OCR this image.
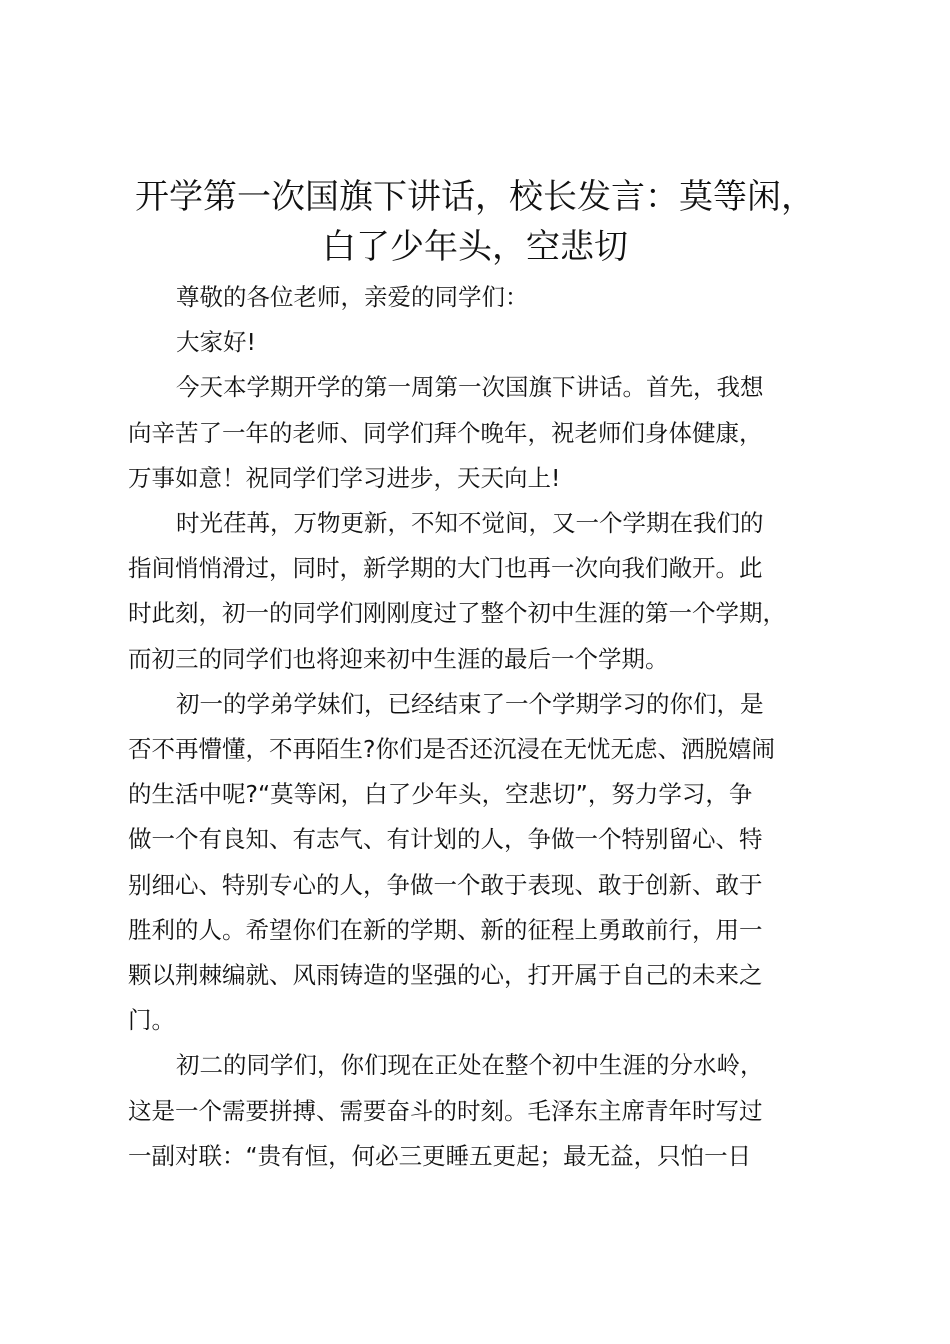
开学第一次国旗下讲话，校长发言：莫等闲，
白了少年头，空悲切

尊敬的各位老师，亲爱的同学们：

大家好!

今天本学期开学的第一周第一次国旗下讲话。首先，我想
向辛苦了一年的老师、同学们拜个晚年，祝老师们身体健康，
万事如意！祝同学们学习进步，天天向上!

时光荏苒，万物更新，不知不觉间，又一个学期在我们的
指间悄悄滑过，同时，新学期的大门也再一次向我们敞开。此
时此刻，初一的同学们刚刚度过了整个初中生涯的第一个学期，
而初三的同学们也将迎来初中生涯的最后一个学期。

初一的学弟学妹们，已经结束了一个学期学习的你们，是
否不再懵懂，不再陌生?你们是否还沉浸在无忧无虑、洒脱嬉闹
的生活中呢?“莫等闲，白了少年头，空悲切”，努力学习，争
做一个有良知、有志气、有计划的人，争做一个特别留心、特
别细心、特别专心的人，争做一个敢于表现、敢于创新、敢于
胜利的人。希望你们在新的学期、新的征程上勇敢前行，用一
颗以荆棘编就、风雨铸造的坚强的心，打开属于自己的未来之
门。

初二的同学们，你们现在正处在整个初中生涯的分水岭，
这是一个需要拼搏、需要奋斗的时刻。毛泽东主席青年时写过
一副对联：“贵有恒，何必三更睡五更起；最无益，只怕一日
